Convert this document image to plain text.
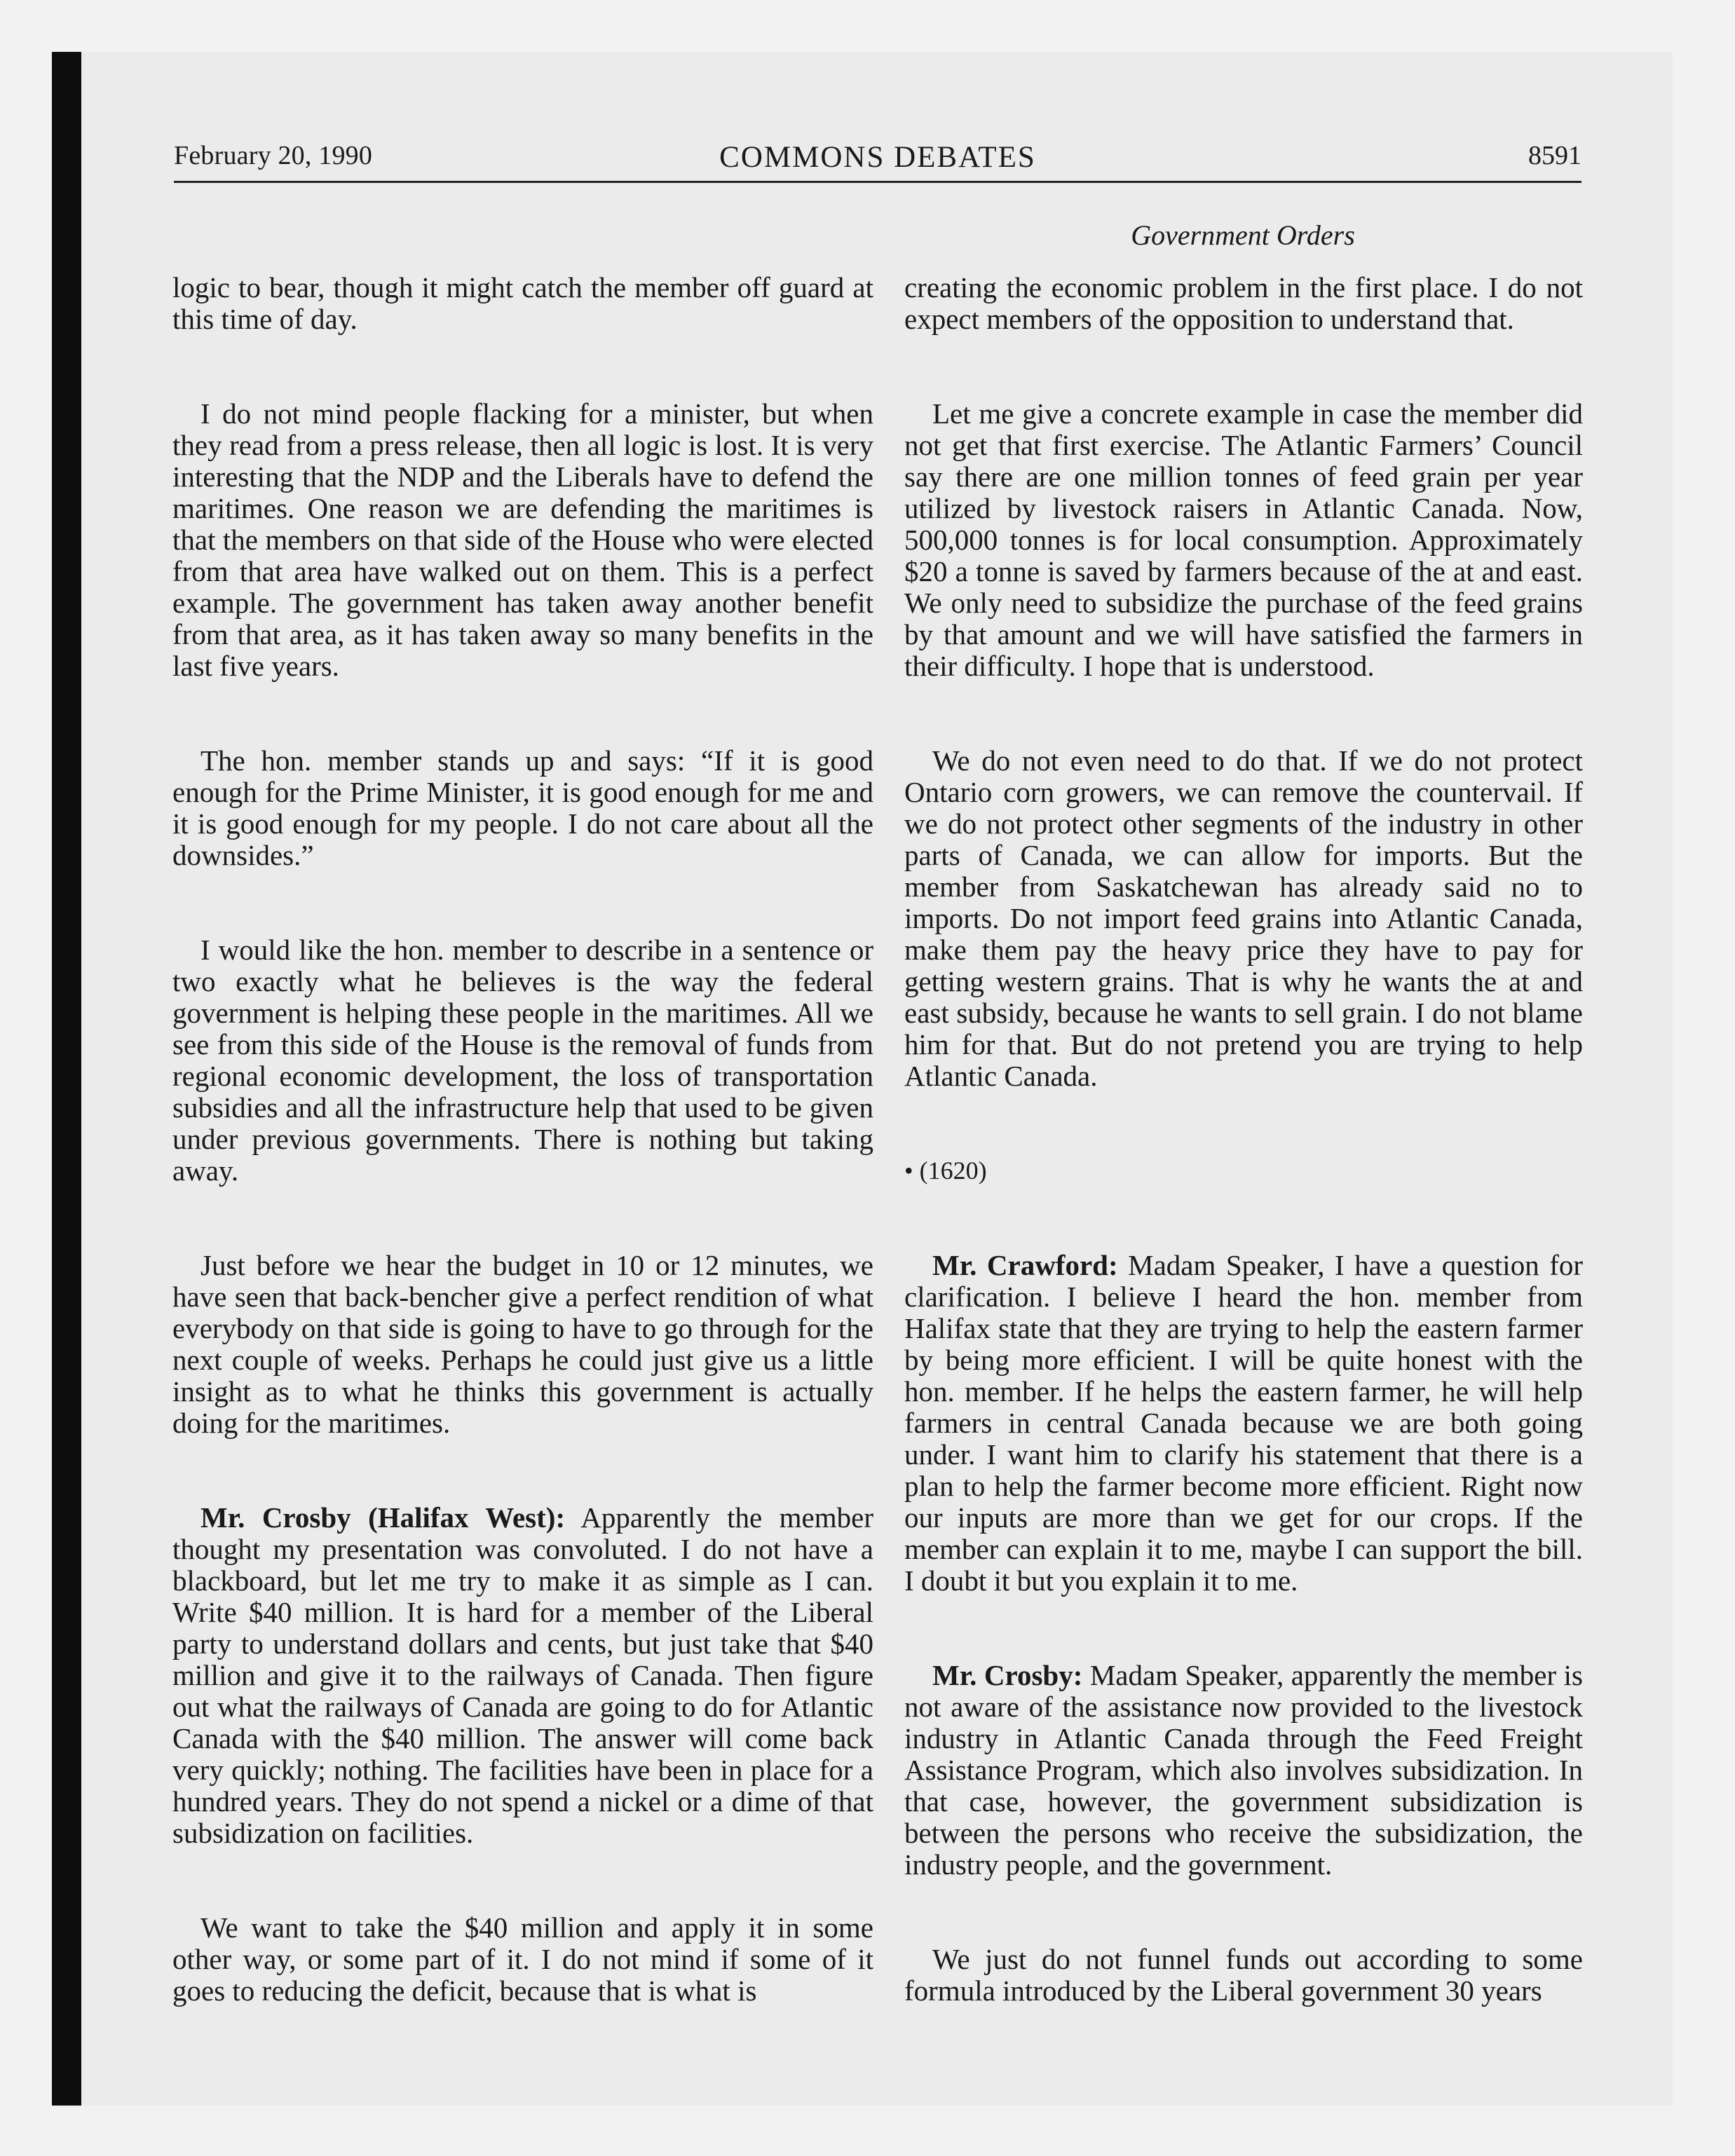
February 20, 1990	COMMONS DEBATES	8591
Government Orders

logic to bear, though it might catch the member off guard at this time of day.

I do not mind people flacking for a minister, but when they read from a press release, then all logic is lost. It is very interesting that the NDP and the Liberals have to defend the maritimes. One reason we are defending the maritimes is that the members on that side of the House who were elected from that area have walked out on them. This is a perfect example. The government has taken away another benefit from that area, as it has taken away so many benefits in the last five years.

The hon. member stands up and says: “If it is good enough for the Prime Minister, it is good enough for me and it is good enough for my people. I do not care about all the downsides.”

I would like the hon. member to describe in a sentence or two exactly what he believes is the way the federal government is helping these people in the maritimes. All we see from this side of the House is the removal of funds from regional economic development, the loss of transportation subsidies and all the infrastructure help that used to be given under previous governments. There is nothing but taking away.

Just before we hear the budget in 10 or 12 minutes, we have seen that back-bencher give a perfect rendition of what everybody on that side is going to have to go through for the next couple of weeks. Perhaps he could just give us a little insight as to what he thinks this government is actually doing for the maritimes.

Mr. Crosby (Halifax West): Apparently the member thought my presentation was convoluted. I do not have a blackboard, but let me try to make it as simple as I can. Write $40 million. It is hard for a member of the Liberal party to understand dollars and cents, but just take that $40 million and give it to the railways of Canada. Then figure out what the railways of Canada are going to do for Atlantic Canada with the $40 million. The answer will come back very quickly; nothing. The facilities have been in place for a hundred years. They do not spend a nickel or a dime of that subsidization on facilities.

We want to take the $40 million and apply it in some other way, or some part of it. I do not mind if some of it goes to reducing the deficit, because that is what is

creating the economic problem in the first place. I do not expect members of the opposition to understand that.

Let me give a concrete example in case the member did not get that first exercise. The Atlantic Farmers’ Council say there are one million tonnes of feed grain per year utilized by livestock raisers in Atlantic Canada. Now, 500,000 tonnes is for local consumption. Approximately $20 a tonne is saved by farmers because of the at and east. We only need to subsidize the purchase of the feed grains by that amount and we will have satisfied the farmers in their difficulty. I hope that is understood.

We do not even need to do that. If we do not protect Ontario corn growers, we can remove the countervail. If we do not protect other segments of the industry in other parts of Canada, we can allow for imports. But the member from Saskatchewan has already said no to imports. Do not import feed grains into Atlantic Canada, make them pay the heavy price they have to pay for getting western grains. That is why he wants the at and east subsidy, because he wants to sell grain. I do not blame him for that. But do not pretend you are trying to help Atlantic Canada.

• (1620)

Mr. Crawford: Madam Speaker, I have a question for clarification. I believe I heard the hon. member from Halifax state that they are trying to help the eastern farmer by being more efficient. I will be quite honest with the hon. member. If he helps the eastern farmer, he will help farmers in central Canada because we are both going under. I want him to clarify his statement that there is a plan to help the farmer become more efficient. Right now our inputs are more than we get for our crops. If the member can explain it to me, maybe I can support the bill. I doubt it but you explain it to me.

Mr. Crosby: Madam Speaker, apparently the member is not aware of the assistance now provided to the livestock industry in Atlantic Canada through the Feed Freight Assistance Program, which also involves subsidization. In that case, however, the government subsidization is between the persons who receive the subsidization, the industry people, and the government.

We just do not funnel funds out according to some formula introduced by the Liberal government 30 years
